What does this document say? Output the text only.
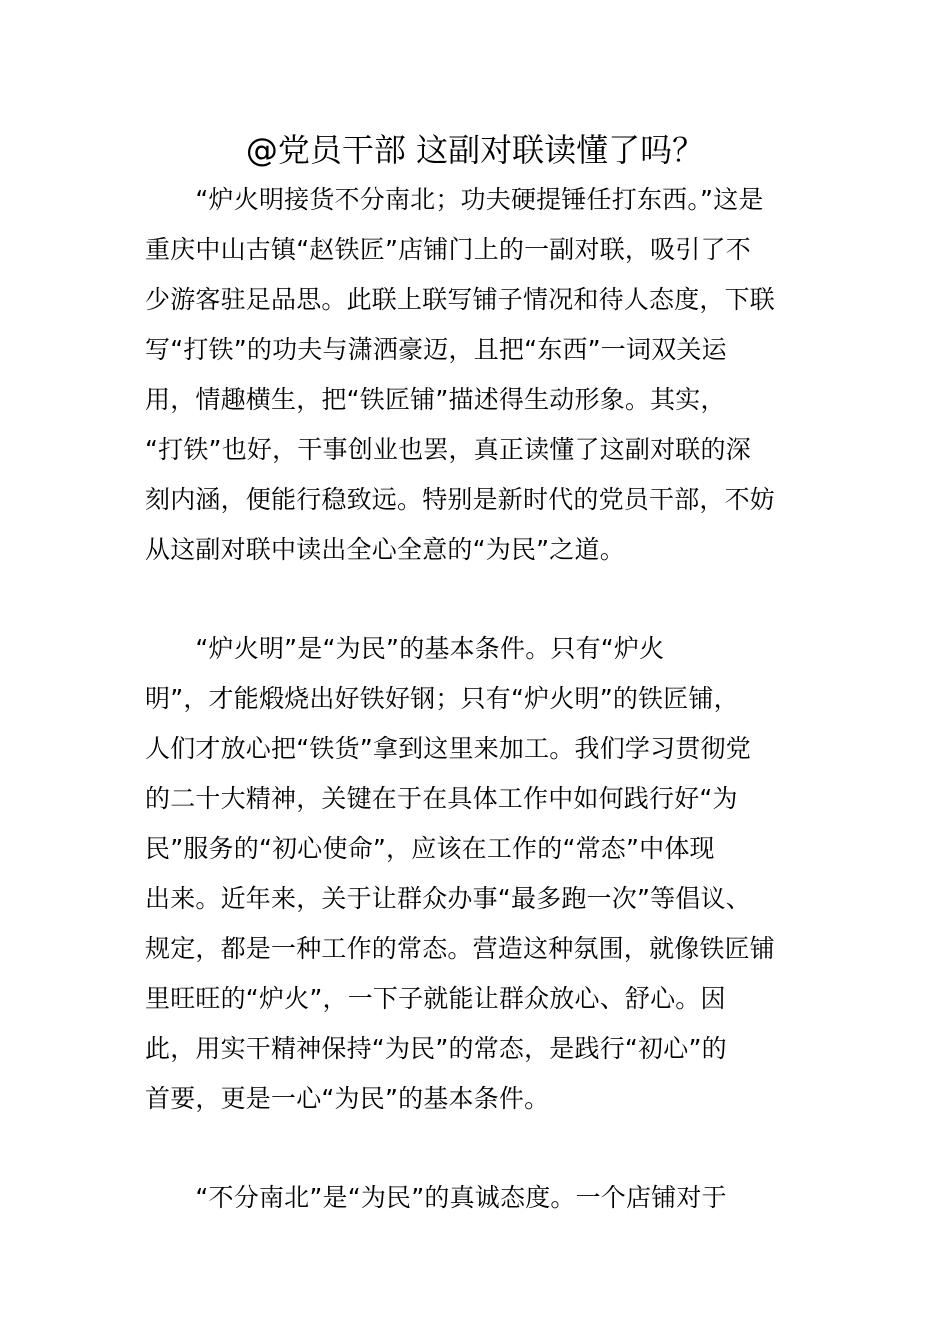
@党员干部 这副对联读懂了吗？

　　“炉火明接货不分南北；功夫硬提锤任打东西。”这是
重庆中山古镇“赵铁匠”店铺门上的一副对联，吸引了不
少游客驻足品思。此联上联写铺子情况和待人态度，下联
写“打铁”的功夫与潇洒豪迈，且把“东西”一词双关运
用，情趣横生，把“铁匠铺”描述得生动形象。其实，
“打铁”也好，干事创业也罢，真正读懂了这副对联的深
刻内涵，便能行稳致远。特别是新时代的党员干部，不妨
从这副对联中读出全心全意的“为民”之道。

　　“炉火明”是“为民”的基本条件。只有“炉火
明”，才能煅烧出好铁好钢；只有“炉火明”的铁匠铺，
人们才放心把“铁货”拿到这里来加工。我们学习贯彻党
的二十大精神，关键在于在具体工作中如何践行好“为
民”服务的“初心使命”，应该在工作的“常态”中体现
出来。近年来，关于让群众办事“最多跑一次”等倡议、
规定，都是一种工作的常态。营造这种氛围，就像铁匠铺
里旺旺的“炉火”，一下子就能让群众放心、舒心。因
此，用实干精神保持“为民”的常态，是践行“初心”的
首要，更是一心“为民”的基本条件。

　　“不分南北”是“为民”的真诚态度。一个店铺对于
